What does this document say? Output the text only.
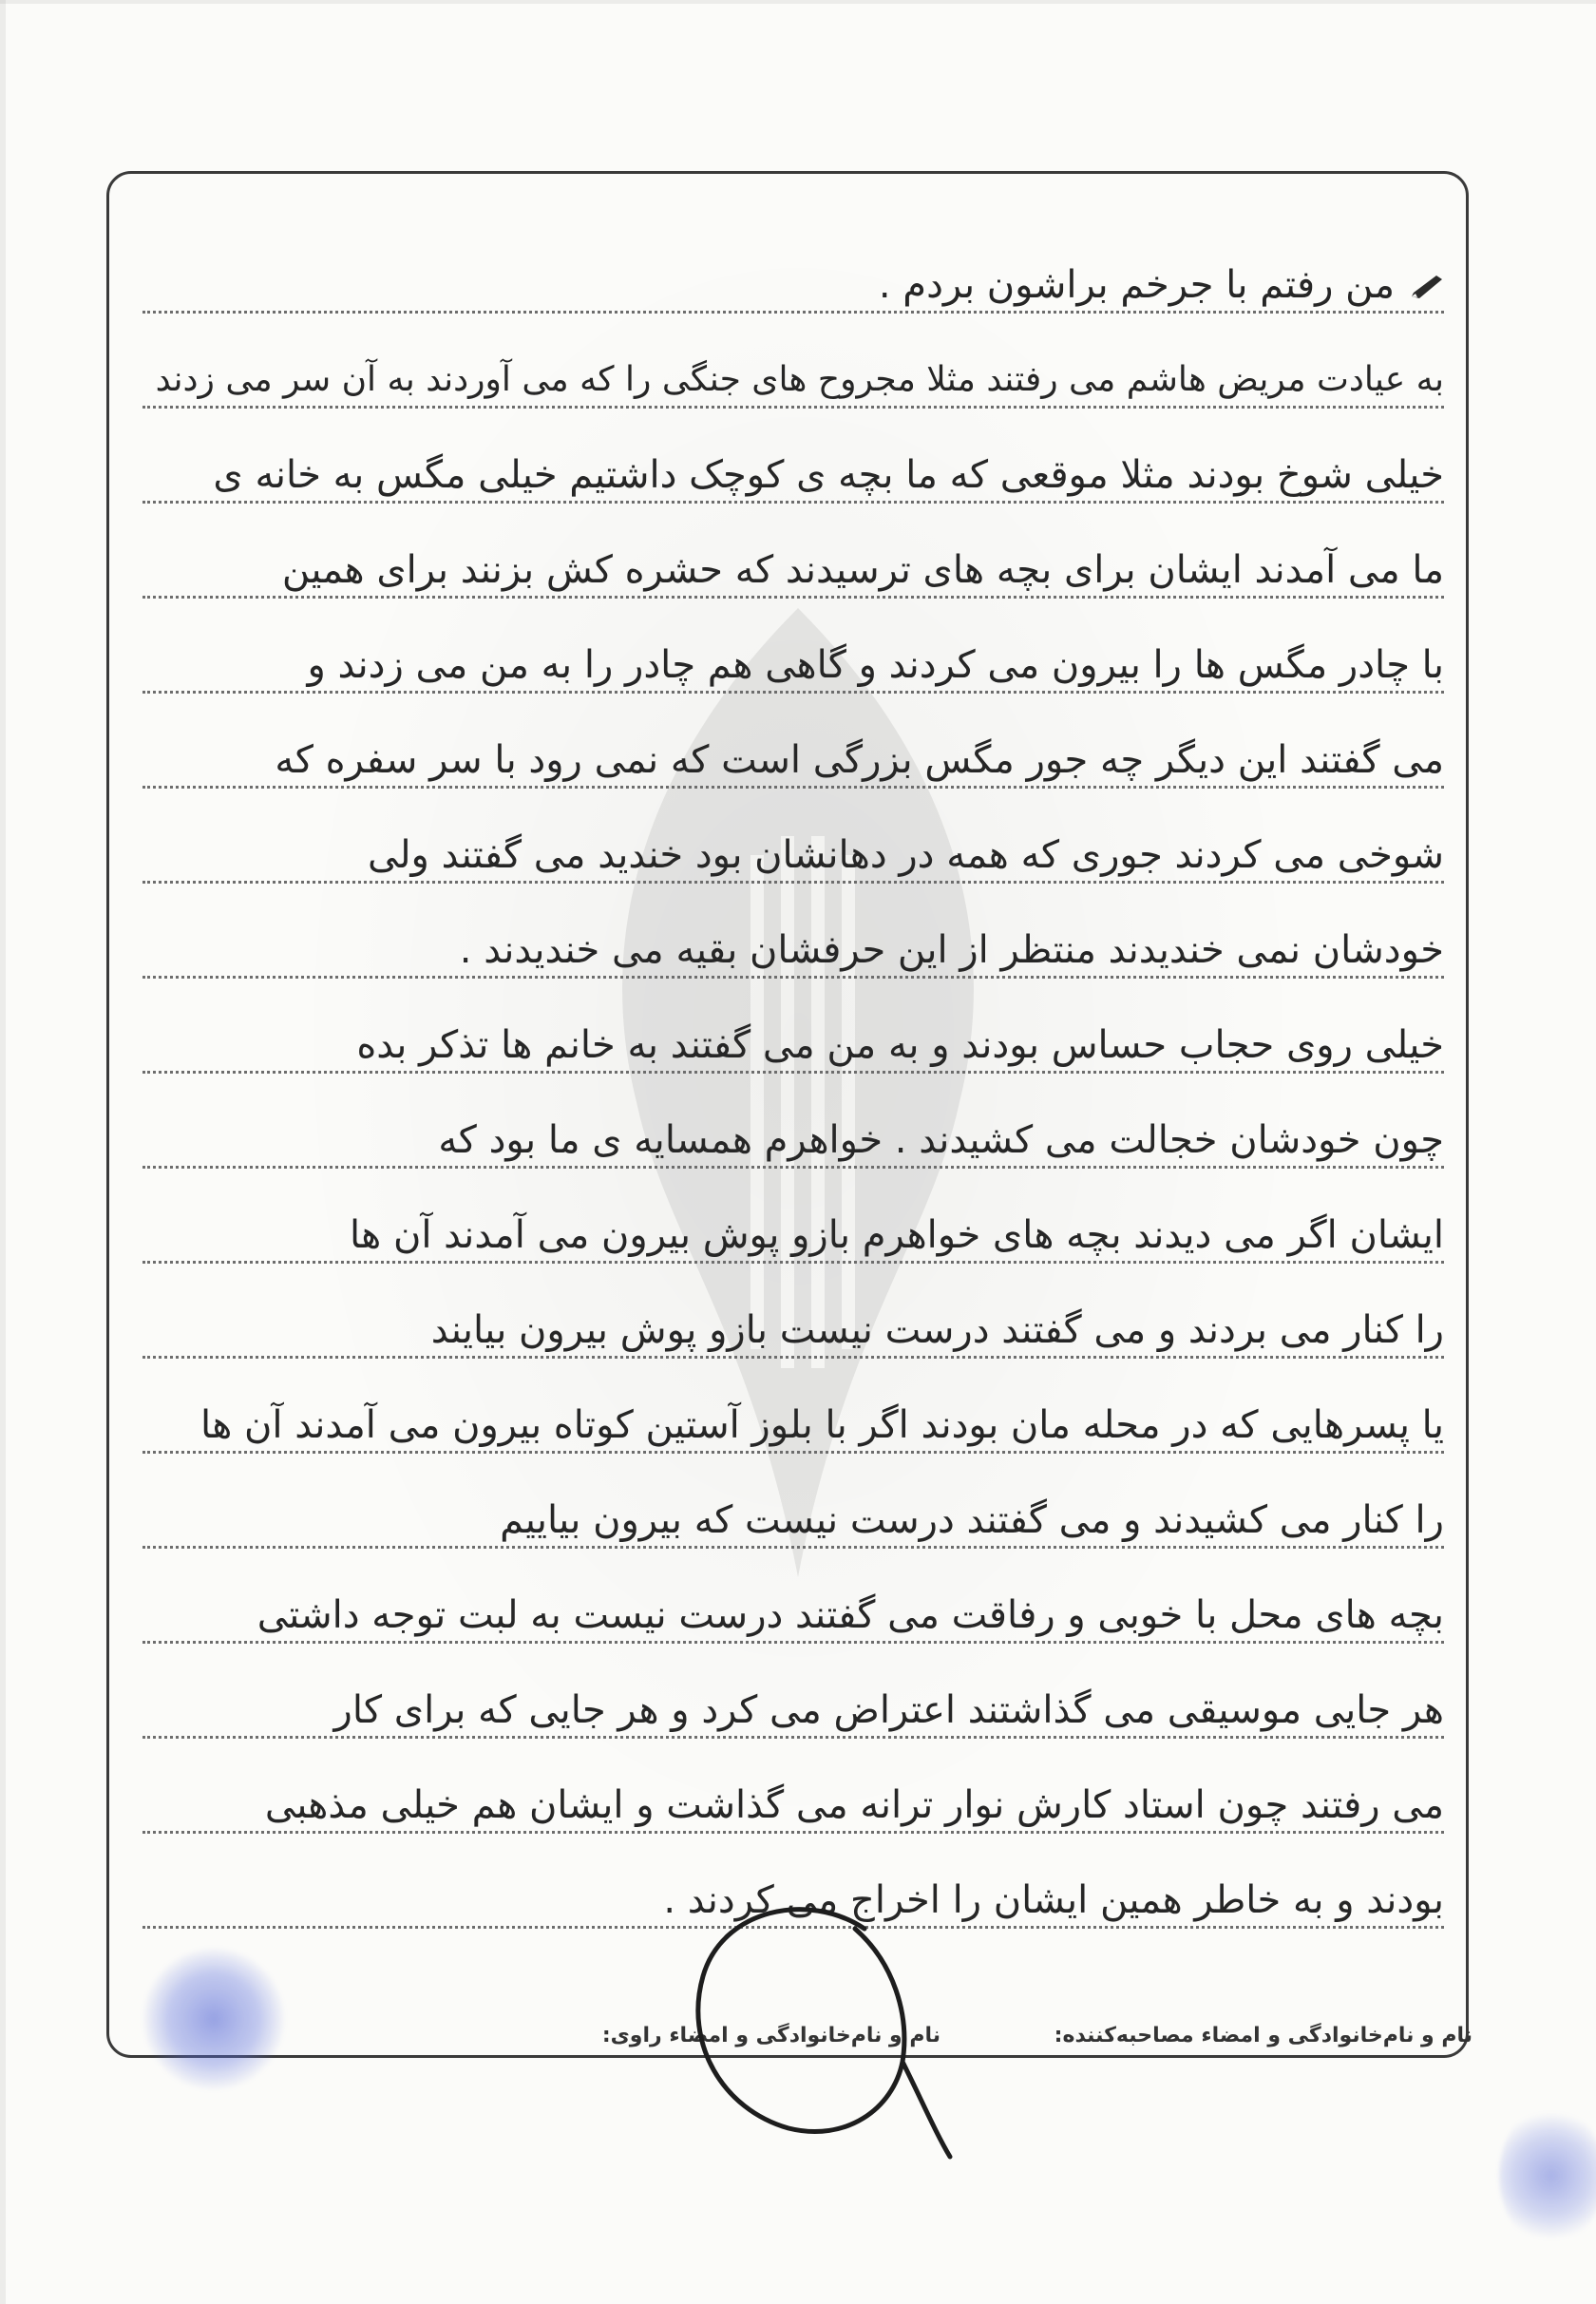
من رفتم با جرخم براشون بردم .
به عیادت مریض هاشم می رفتند مثلا مجروح های جنگی را که می آوردند به آن سر می زدند
خیلی شوخ بودند مثلا موقعی که ما بچه ی کوچک داشتیم خیلی مگس به خانه ی
ما می آمدند ایشان برای بچه های ترسیدند که حشره کش بزنند برای همین
با چادر مگس ها را بیرون می کردند و گاهی هم چادر را به من می زدند و
می گفتند این دیگر چه جور مگس بزرگی است که نمی رود با سر سفره که
شوخی می کردند جوری که همه در دهانشان بود خندید می گفتند ولی
خودشان نمی خندیدند منتظر از این حرفشان بقیه می خندیدند .
خیلی روی حجاب حساس بودند و به من می گفتند به خانم ها تذکر بده
چون خودشان خجالت می کشیدند . خواهرم همسایه ی ما بود که
ایشان اگر می دیدند بچه های خواهرم بازو پوش بیرون می آمدند آن ها
را کنار می بردند و می گفتند درست نیست بازو پوش بیرون بیایند
یا پسرهایی که در محله مان بودند اگر با بلوز آستین کوتاه بیرون می آمدند آن ها
را کنار می کشیدند و می گفتند درست نیست که بیرون بیاییم
بچه های محل با خوبی و رفاقت می گفتند درست نیست به لبت توجه داشتی
هر جایی موسیقی می گذاشتند اعتراض می کرد و هر جایی که برای کار
می رفتند چون استاد کارش نوار ترانه می گذاشت و ایشان هم خیلی مذهبی
بودند و به خاطر همین ایشان را اخراج می کردند .
نام و نام‌خانوادگی و امضاء مصاحبه‌کننده:
نام و نام‌خانوادگی و امضاء راوی:
